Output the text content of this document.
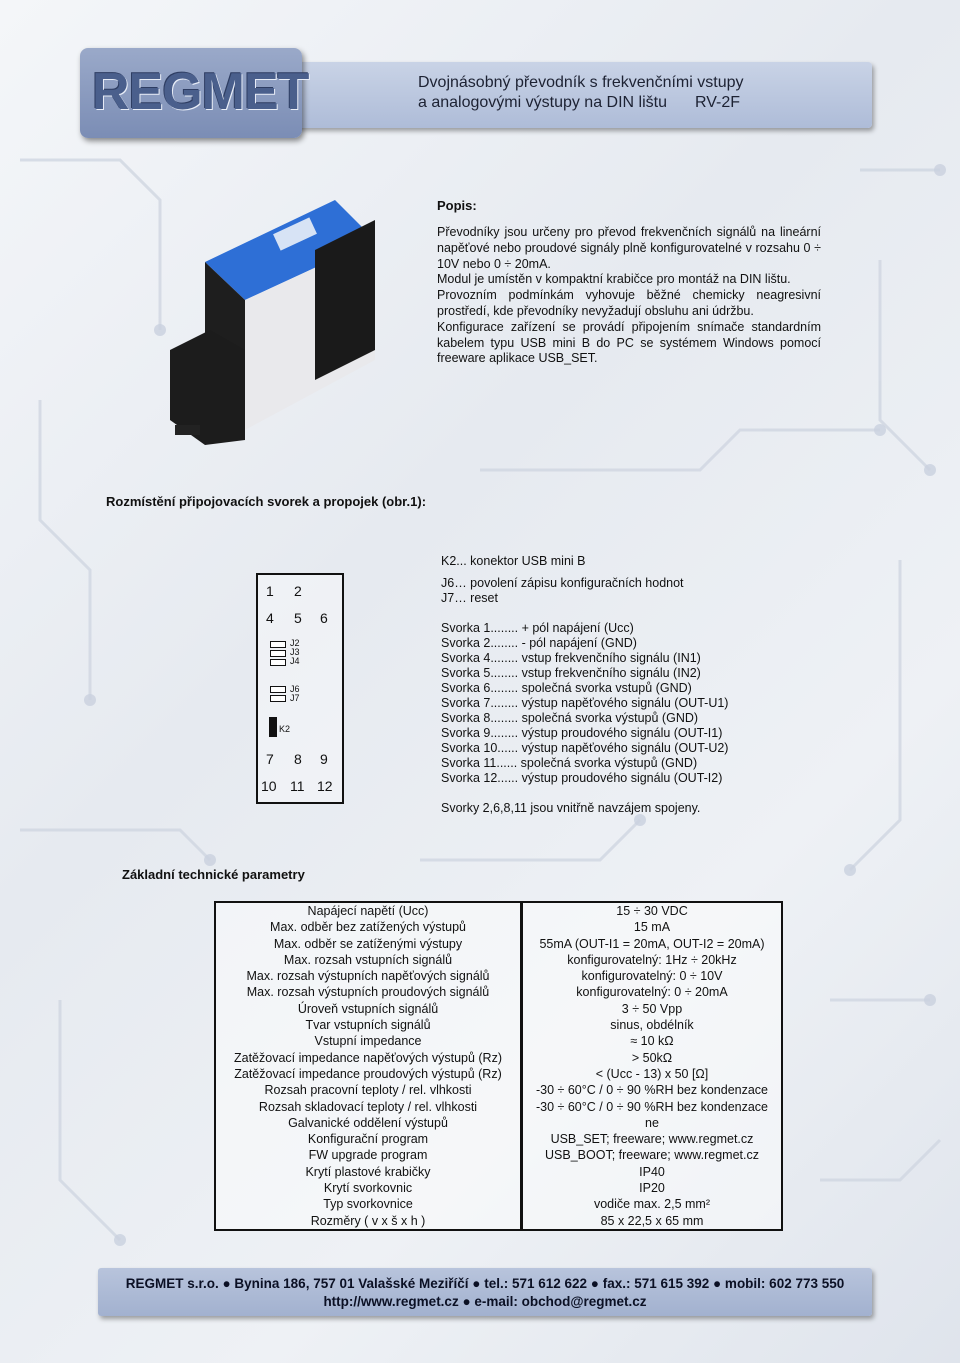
REGMET	Dvojnásobný převodník s frekvenčními vstupy
a analogovými výstupy na DIN lištu	RV-2F
Popis:

Převodníky jsou určeny pro převod frekvenčních signálů na lineární napěťové nebo proudové signály plně konfigurovatelné v rozsahu 0 ÷ 10V nebo 0 ÷ 20mA.

Modul je umístěn v kompaktní krabičce pro montáž na DIN lištu.

Provozním podmínkám vyhovuje běžné chemicky neagresivní prostředí, kde převodníky nevyžadují obsluhu ani údržbu.

Konfigurace zařízení se provádí připojením snímače standardním kabelem typu USB mini B do PC se systémem Windows pomocí freeware aplikace USB_SET.

Rozmístění připojovacích svorek a propojek (obr.1):
1 2
4 5 6
J2
J3
J4
J6
J7
K2
7 8 9
10 11 12
K2... konektor USB mini B
J6… povolení zápisu konfiguračních hodnot
J7… reset
Svorka 1........ + pól napájení (Ucc)
Svorka 2........ - pól napájení (GND)
Svorka 4........ vstup frekvenčního signálu (IN1)
Svorka 5........ vstup frekvenčního signálu (IN2)
Svorka 6........ společná svorka vstupů (GND)
Svorka 7........ výstup napěťového signálu (OUT-U1)
Svorka 8........ společná svorka výstupů (GND)
Svorka 9........ výstup proudového signálu (OUT-I1)
Svorka 10...... výstup napěťového signálu (OUT-U2)
Svorka 11...... společná svorka výstupů (GND)
Svorka 12...... výstup proudového signálu (OUT-I2)
Svorky 2,6,8,11 jsou vnitřně navzájem spojeny.
Základní technické parametry
Napájecí napětí (Ucc)	15 ÷ 30 VDC
Max. odběr bez zatížených výstupů	15 mA
Max. odběr se zatíženými výstupy	55mA (OUT-I1 = 20mA, OUT-I2 = 20mA)
Max. rozsah vstupních signálů	konfigurovatelný: 1Hz ÷ 20kHz
Max. rozsah výstupních napěťových signálů	konfigurovatelný: 0 ÷ 10V
Max. rozsah výstupních proudových signálů	konfigurovatelný: 0 ÷ 20mA
Úroveň vstupních signálů	3 ÷ 50 Vpp
Tvar vstupních signálů	sinus, obdélník
Vstupní impedance	≈ 10 kΩ
Zatěžovací impedance napěťových výstupů (Rz)	> 50kΩ
Zatěžovací impedance proudových výstupů (Rz)	< (Ucc - 13) x 50 [Ω]
Rozsah pracovní teploty / rel. vlhkosti	-30 ÷ 60°C / 0 ÷ 90 %RH bez kondenzace
Rozsah skladovací teploty / rel. vlhkosti	-30 ÷ 60°C / 0 ÷ 90 %RH bez kondenzace
Galvanické oddělení výstupů	ne
Konfigurační program	USB_SET; freeware; www.regmet.cz
FW upgrade program	USB_BOOT; freeware; www.regmet.cz
Krytí plastové krabičky	IP40
Krytí svorkovnic	IP20
Typ svorkovnice	vodiče max. 2,5 mm²
Rozměry ( v x š x h )	85 x 22,5 x 65 mm
REGMET s.r.o. ● Bynina 186, 757 01 Valašské Meziříčí ● tel.: 571 612 622 ● fax.: 571 615 392 ● mobil: 602 773 550
http://www.regmet.cz ● e-mail: obchod@regmet.cz
